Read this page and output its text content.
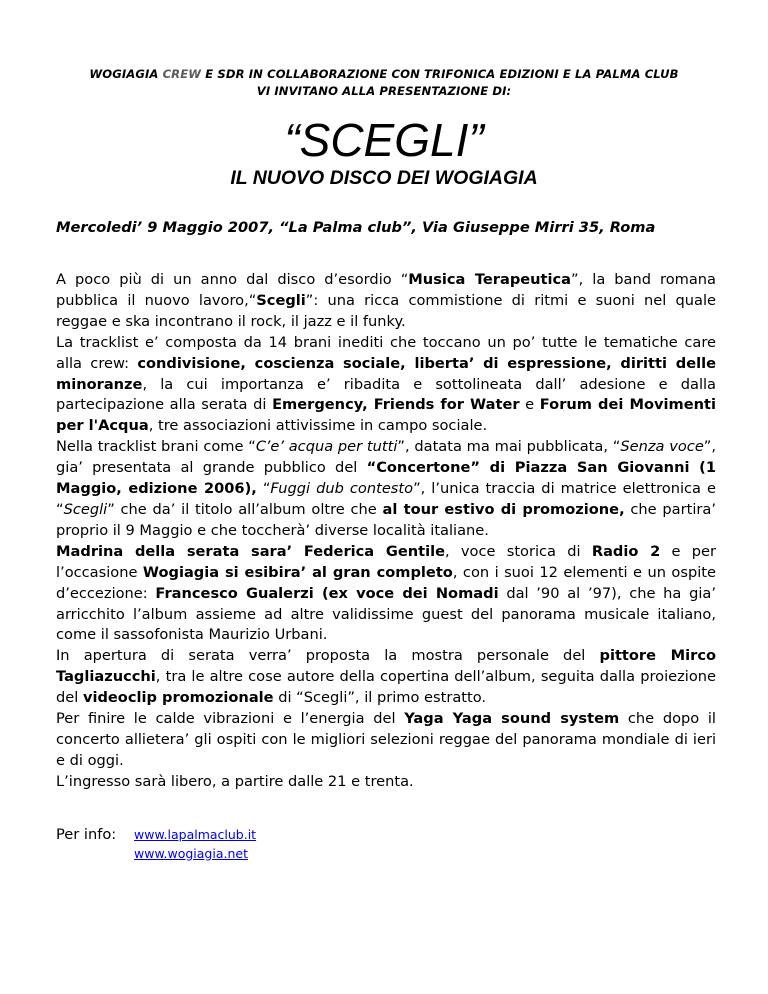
WOGIAGIA CREW E SDR IN COLLABORAZIONE CON TRIFONICA EDIZIONI E LA PALMA CLUB
VI INVITANO ALLA PRESENTAZIONE DI:
“SCEGLI”
IL NUOVO DISCO DEI WOGIAGIA
Mercoledi’ 9 Maggio 2007, “La Palma club”, Via Giuseppe Mirri 35, Roma

A poco più di un anno dal disco d’esordio “Musica Terapeutica”, la band romana pubblica il nuovo lavoro,“Scegli”: una ricca commistione di ritmi e suoni nel quale reggae e ska incontrano il rock, il jazz e il funky.

La tracklist e’ composta da 14 brani inediti che toccano un po’ tutte le tematiche care alla crew: condivisione, coscienza sociale, liberta’ di espressione, diritti delle minoranze, la cui importanza e’ ribadita e sottolineata dall’ adesione e dalla partecipazione alla serata di Emergency, Friends for Water e Forum dei Movimenti per l'Acqua, tre associazioni attivissime in campo sociale.

Nella tracklist brani come “C’e’ acqua per tutti”, datata ma mai pubblicata, “Senza voce”, gia’ presentata al grande pubblico del “Concertone” di Piazza San Giovanni (1 Maggio, edizione 2006), “Fuggi dub contesto”, l’unica traccia di matrice elettronica e “Scegli” che da’ il titolo all’album oltre che al tour estivo di promozione, che partira’ proprio il 9 Maggio e che toccherà’ diverse località italiane.

Madrina della serata sara’ Federica Gentile, voce storica di Radio 2 e per l’occasione Wogiagia si esibira’ al gran completo, con i suoi 12 elementi e un ospite d’eccezione: Francesco Gualerzi (ex voce dei Nomadi dal ’90 al ’97), che ha gia’ arricchito l’album assieme ad altre validissime guest del panorama musicale italiano, come il sassofonista Maurizio Urbani.

In apertura di serata verra’ proposta la mostra personale del pittore Mirco Tagliazucchi, tra le altre cose autore della copertina dell’album, seguita dalla proiezione del videoclip promozionale di “Scegli”, il primo estratto.

Per finire le calde vibrazioni e l’energia del Yaga Yaga sound system che dopo il concerto allietera’ gli ospiti con le migliori selezioni reggae del panorama mondiale di ieri e di oggi.

L’ingresso sarà libero, a partire dalle 21 e trenta.

Per info: www.lapalmaclub.it
www.wogiagia.net
